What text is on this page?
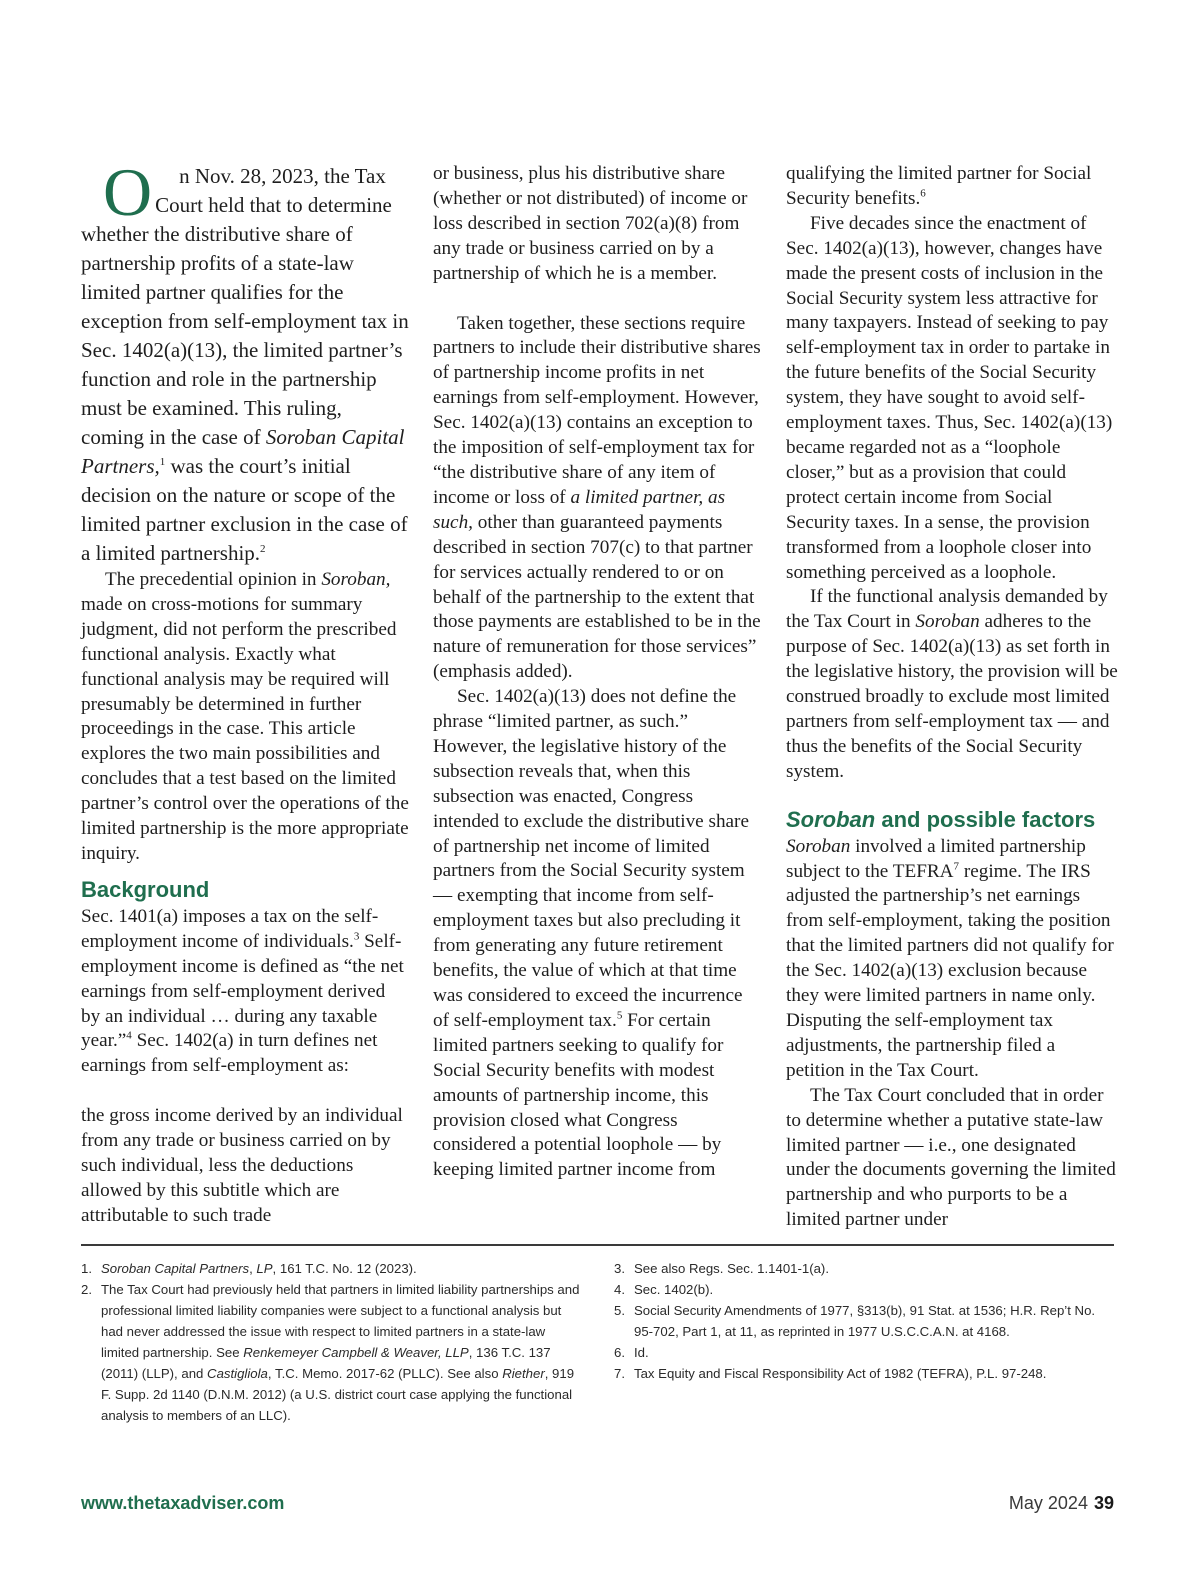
O n Nov. 28, 2023, the Tax Court held that to determine whether the distributive share of partnership profits of a state-law limited partner qualifies for the exception from self-employment tax in Sec. 1402(a)(13), the limited partner’s function and role in the partnership must be examined. This ruling, coming in the case of Soroban Capital Partners,$^1$ was the court’s initial decision on the nature or scope of the limited partner exclusion in the case of a limited partnership.$^2$

The precedential opinion in Soroban, made on cross-motions for summary judgment, did not perform the prescribed functional analysis. Exactly what functional analysis may be required will presumably be determined in further proceedings in the case. This article explores the two main possibilities and concludes that a test based on the limited partner’s control over the operations of the limited partnership is the more appropriate inquiry.

Background

Sec. 1401(a) imposes a tax on the self-employment income of individuals.$^3$ Self-employment income is defined as “the net earnings from self-employment derived by an individual … during any taxable year.”$^4$ Sec. 1402(a) in turn defines net earnings from self-employment as:

the gross income derived by an individual from any trade or business carried on by such individual, less the deductions allowed by this subtitle which are attributable to such trade

or business, plus his distributive share (whether or not distributed) of income or loss described in section 702(a)(8) from any trade or business carried on by a partnership of which he is a member.

Taken together, these sections require partners to include their distributive shares of partnership income profits in net earnings from self-employment. However, Sec. 1402(a)(13) contains an exception to the imposition of self-employment tax for “the distributive share of any item of income or loss of a limited partner, as such, other than guaranteed payments described in section 707(c) to that partner for services actually rendered to or on behalf of the partnership to the extent that those payments are established to be in the nature of remuneration for those services” (emphasis added).

Sec. 1402(a)(13) does not define the phrase “limited partner, as such.” However, the legislative history of the subsection reveals that, when this subsection was enacted, Congress intended to exclude the distributive share of partnership net income of limited partners from the Social Security system — exempting that income from self-employment taxes but also precluding it from generating any future retirement benefits, the value of which at that time was considered to exceed the incurrence of self-employment tax.$^5$ For certain limited partners seeking to qualify for Social Security benefits with modest amounts of partnership income, this provision closed what Congress considered a potential loophole — by keeping limited partner income from

qualifying the limited partner for Social Security benefits.$^6$

Five decades since the enactment of Sec. 1402(a)(13), however, changes have made the present costs of inclusion in the Social Security system less attractive for many taxpayers. Instead of seeking to pay self-employment tax in order to partake in the future benefits of the Social Security system, they have sought to avoid self-employment taxes. Thus, Sec. 1402(a)(13) became regarded not as a “loophole closer,” but as a provision that could protect certain income from Social Security taxes. In a sense, the provision transformed from a loophole closer into something perceived as a loophole.

If the functional analysis demanded by the Tax Court in Soroban adheres to the purpose of Sec. 1402(a)(13) as set forth in the legislative history, the provision will be construed broadly to exclude most limited partners from self-employment tax — and thus the benefits of the Social Security system.

Soroban and possible factors

Soroban involved a limited partnership subject to the TEFRA$^7$ regime. The IRS adjusted the partnership’s net earnings from self-employment, taking the position that the limited partners did not qualify for the Sec. 1402(a)(13) exclusion because they were limited partners in name only. Disputing the self-employment tax adjustments, the partnership filed a petition in the Tax Court.

The Tax Court concluded that in order to determine whether a putative state-law limited partner — i.e., one designated under the documents governing the limited partnership and who purports to be a limited partner under

1. Soroban Capital Partners, LP, 161 T.C. No. 12 (2023).

2. The Tax Court had previously held that partners in limited liability partnerships and professional limited liability companies were subject to a functional analysis but had never addressed the issue with respect to limited partners in a state-law limited partnership. See Renkemeyer Campbell & Weaver, LLP, 136 T.C. 137 (2011) (LLP), and Castigliola, T.C. Memo. 2017-62 (PLLC). See also Riether, 919 F. Supp. 2d 1140 (D.N.M. 2012) (a U.S. district court case applying the functional analysis to members of an LLC).

3. See also Regs. Sec. 1.1401-1(a).

4. Sec. 1402(b).

5. Social Security Amendments of 1977, §313(b), 91 Stat. at 1536; H.R. Rep’t No. 95-702, Part 1, at 11, as reprinted in 1977 U.S.C.C.A.N. at 4168.

6. Id.

7. Tax Equity and Fiscal Responsibility Act of 1982 (TEFRA), P.L. 97-248.

www.thetaxadviser.com	May 2024 39
